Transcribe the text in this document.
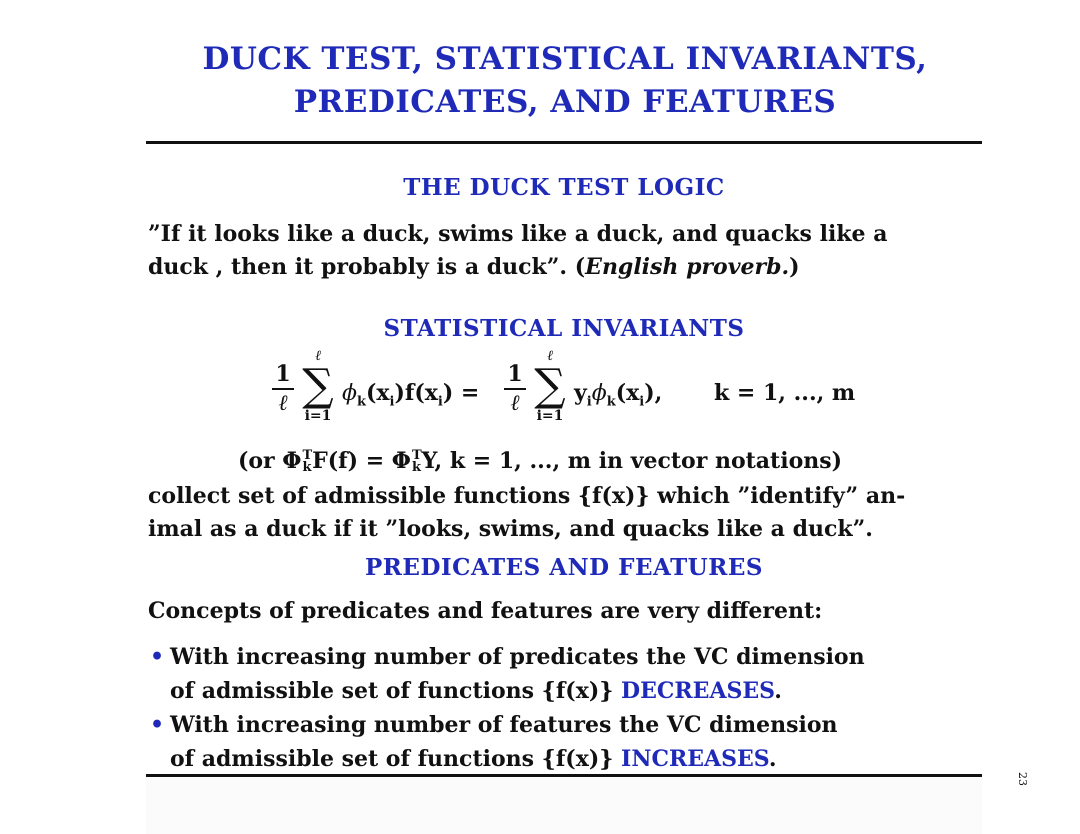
DUCK TEST, STATISTICAL INVARIANTS,
PREDICATES, AND FEATURES
THE DUCK TEST LOGIC
”If it looks like a duck, swims like a duck, and quacks like a
duck , then it probably is a duck”. (English proverb.)
STATISTICAL INVARIANTS
1
ℓ
ℓ
∑
i=1
$\phi_k(x_i)f(x_i)$ =
1
ℓ
ℓ
∑
i=1
$y_i\phi_k(x_i)$, k = 1, ..., m
(or ΦT
kF(f) = ΦT
kY, k = 1, ..., m in vector notations)
collect set of admissible functions {f(x)} which ”identify” an-
imal as a duck if it ”looks, swims, and quacks like a duck”.
PREDICATES AND FEATURES
Concepts of predicates and features are very different:
• With increasing number of predicates the VC dimension
of admissible set of functions {f(x)} DECREASES.
• With increasing number of features the VC dimension
of admissible set of functions {f(x)} INCREASES.
23
